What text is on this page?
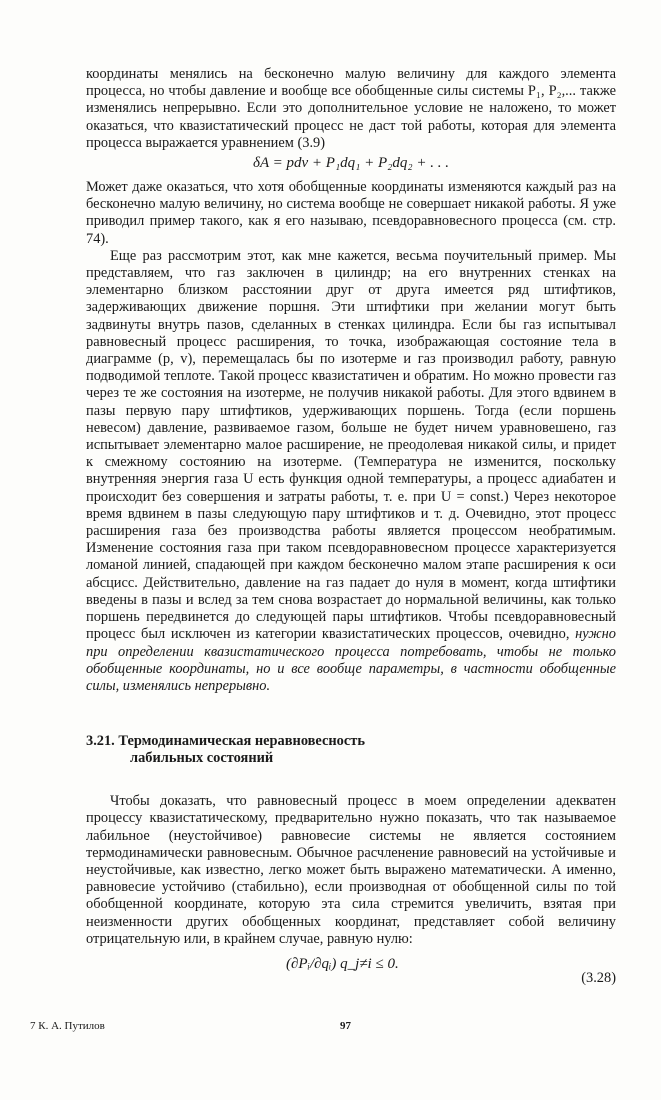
координаты менялись на бесконечно малую величину для каждого элемента процесса, но чтобы давление и вообще все обобщенные силы системы P₁, P₂,... также изменялись непрерывно. Если это дополнительное условие не наложено, то может оказаться, что квазистатический процесс не даст той работы, которая для элемента процесса выражается уравнением (3.9)

δA = pdv + P₁dq₁ + P₂dq₂ + . . .

Может даже оказаться, что хотя обобщенные координаты изменяются каждый раз на бесконечно малую величину, но система вообще не совершает никакой работы. Я уже приводил пример такого, как я его называю, псевдоравновесного процесса (см. стр. 74).

Еще раз рассмотрим этот, как мне кажется, весьма поучительный пример. Мы представляем, что газ заключен в цилиндр; на его внутренних стенках на элементарно близком расстоянии друг от друга имеется ряд штифтиков, задерживающих движение поршня. Эти штифтики при желании могут быть задвинуты внутрь пазов, сделанных в стенках цилиндра. Если бы газ испытывал равновесный процесс расширения, то точка, изображающая состояние тела в диаграмме (p, v), перемещалась бы по изотерме и газ производил работу, равную подводимой теплоте. Такой процесс квазистатичен и обратим. Но можно провести газ через те же состояния на изотерме, не получив никакой работы. Для этого вдвинем в пазы первую пару штифтиков, удерживающих поршень. Тогда (если поршень невесом) давление, развиваемое газом, больше не будет ничем уравновешено, газ испытывает элементарно малое расширение, не преодолевая никакой силы, и придет к смежному состоянию на изотерме. (Температура не изменится, поскольку внутренняя энергия газа U есть функция одной температуры, а процесс адиабатен и происходит без совершения и затраты работы, т. е. при U = const.) Через некоторое время вдвинем в пазы следующую пару штифтиков и т. д. Очевидно, этот процесс расширения газа без производства работы является процессом необратимым. Изменение состояния газа при таком псевдоравновесном процессе характеризуется ломаной линией, спадающей при каждом бесконечно малом этапе расширения к оси абсцисс. Действительно, давление на газ падает до нуля в момент, когда штифтики введены в пазы и вслед за тем снова возрастает до нормальной величины, как только поршень передвинется до следующей пары штифтиков. Чтобы псевдоравновесный процесс был исключен из категории квазистатических процессов, очевидно, нужно при определении квазистатического процесса потребовать, чтобы не только обобщенные координаты, но и все вообще параметры, в частности обобщенные силы, изменялись непрерывно.

3.21. Термодинамическая неравновесность
лабильных состояний

Чтобы доказать, что равновесный процесс в моем определении адекватен процессу квазистатическому, предварительно нужно показать, что так называемое лабильное (неустойчивое) равновесие системы не является состоянием термодинамически равновесным. Обычное расчленение равновесий на устойчивые и неустойчивые, как известно, легко может быть выражено математически. А именно, равновесие устойчиво (стабильно), если производная от обобщенной силы по той обобщенной координате, которую эта сила стремится увеличить, взятая при неизменности других обобщенных координат, представляет собой величину отрицательную или, в крайнем случае, равную нулю:

(∂Pᵢ/∂qᵢ) q_j≠i ≤ 0.
(3.28)
7 К. А. Путилов	97
